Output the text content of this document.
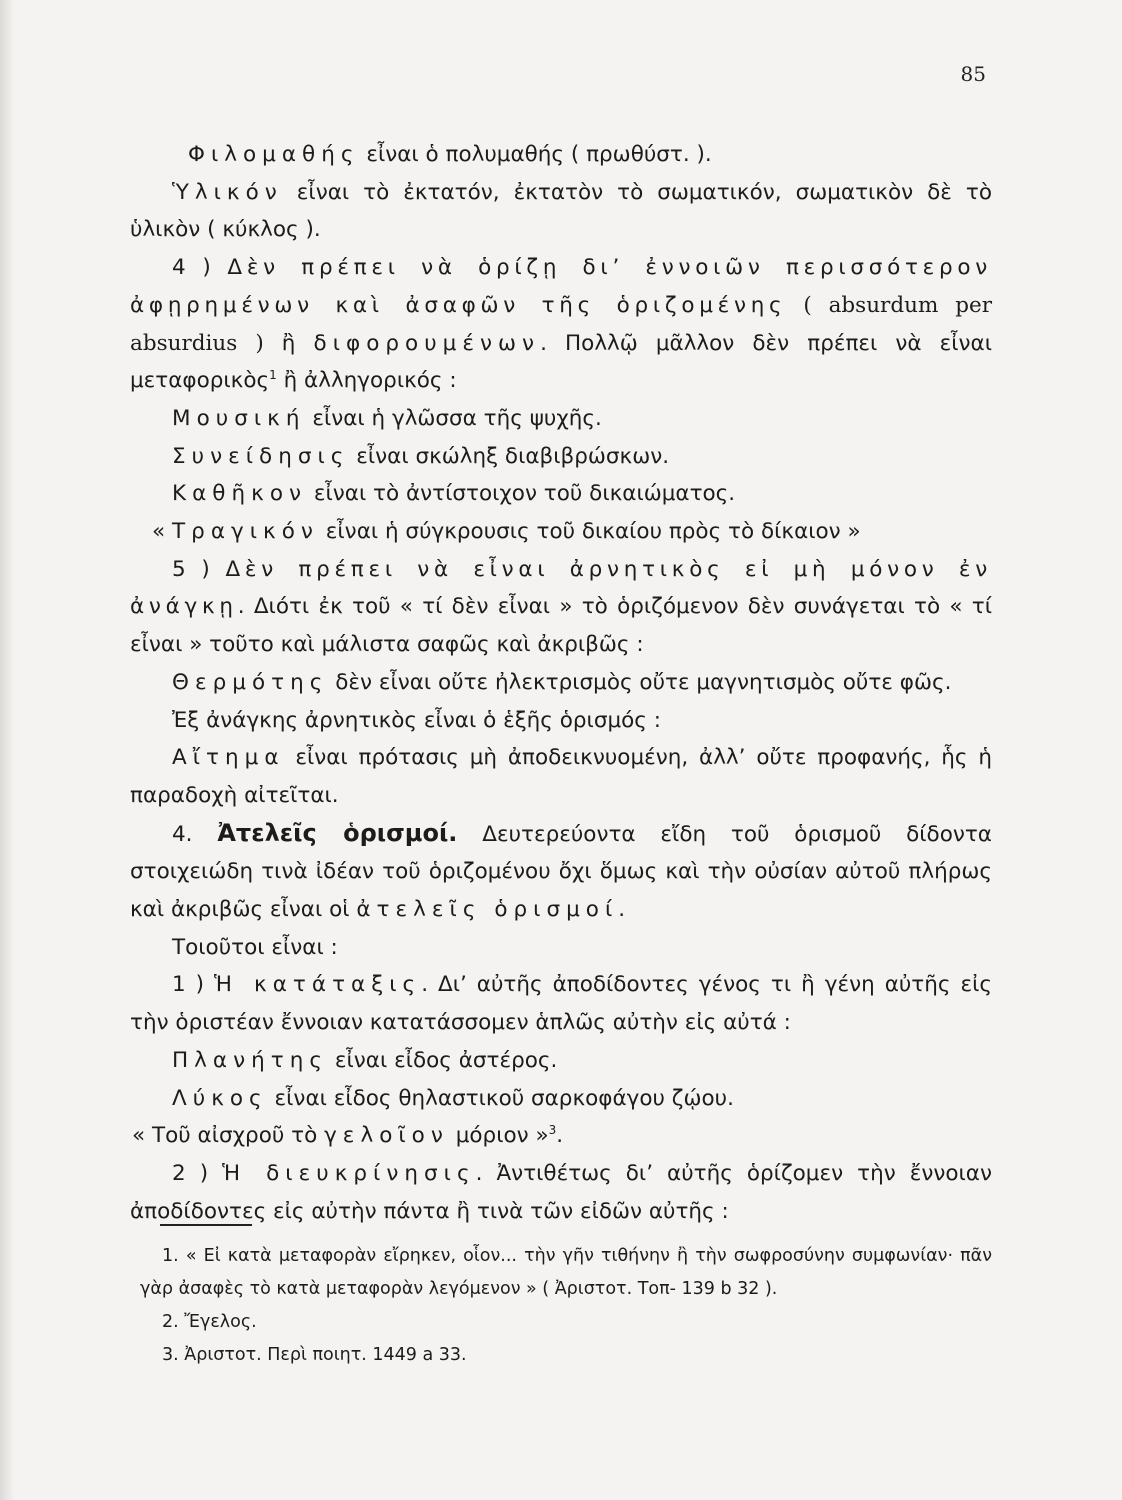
85

Φιλομαθής εἶναι ὁ πολυμαθής ( πρωθύστ. ).

Ὑλικόν εἶναι τὸ ἐκτατόν, ἐκτατὸν τὸ σωματικόν, σωματικὸν δὲ τὸ ὑλικὸν ( κύκλος ).

4 ) Δὲν πρέπει νὰ ὁρίζῃ δι’ ἐννοιῶν περισσότερον ἀφῃρημένων καὶ ἀσαφῶν τῆς ὁριζομένης ( absurdum per absurdius ) ἢ διφορουμένων. Πολλῷ μᾶλλον δὲν πρέπει νὰ εἶναι μεταφορικὸς$^1$ ἢ ἀλληγορικός :

Μουσική εἶναι ἡ γλῶσσα τῆς ψυχῆς.

Συνείδησις εἶναι σκώληξ διαβιβρώσκων.

Καθῆκον εἶναι τὸ ἀντίστοιχον τοῦ δικαιώματος.

« Τραγικόν εἶναι ἡ σύγκρουσις τοῦ δικαίου πρὸς τὸ δίκαιον »

5 ) Δὲν πρέπει νὰ εἶναι ἀρνητικὸς εἰ μὴ μόνον ἐν ἀνάγκῃ. Διότι ἐκ τοῦ « τί δὲν εἶναι » τὸ ὁριζόμενον δὲν συνάγεται τὸ « τί εἶναι » τοῦτο καὶ μάλιστα σαφῶς καὶ ἀκριβῶς :

Θερμότης δὲν εἶναι οὔτε ἠλεκτρισμὸς οὔτε μαγνητισμὸς οὔτε φῶς.

Ἐξ ἀνάγκης ἀρνητικὸς εἶναι ὁ ἑξῆς ὁρισμός :

Αἴτημα εἶναι πρότασις μὴ ἀποδεικνυομένη, ἀλλ’ οὔτε προφανής, ἧς ἡ παραδοχὴ αἰτεῖται.

4. Ἀτελεῖς ὁρισμοί. Δευτερεύοντα εἴδη τοῦ ὁρισμοῦ δίδοντα στοιχειώδη τινὰ ἰδέαν τοῦ ὁριζομένου ὄχι ὅμως καὶ τὴν οὐσίαν αὐτοῦ πλήρως καὶ ἀκριβῶς εἶναι οἱ ἀτελεῖς ὁρισμοί.

Τοιοῦτοι εἶναι :

1 ) Ἡ κατάταξις. Δι’ αὐτῆς ἀποδίδοντες γένος τι ἢ γένη αὐτῆς εἰς τὴν ὁριστέαν ἔννοιαν κατατάσσομεν ἁπλῶς αὐτὴν εἰς αὐτά :

Πλανήτης εἶναι εἶδος ἀστέρος.

Λύκος εἶναι εἶδος θηλαστικοῦ σαρκοφάγου ζῴου.

« Τοῦ αἰσχροῦ τὸ γελοῖον μόριον »$^3$.

2 ) Ἡ διευκρίνησις. Ἀντιθέτως δι’ αὐτῆς ὁρίζομεν τὴν ἔννοιαν ἀποδίδοντες εἰς αὐτὴν πάντα ἢ τινὰ τῶν εἰδῶν αὐτῆς :

1. « Εἰ κατὰ μεταφορὰν εἴρηκεν, οἷον... τὴν γῆν τιθήνην ἢ τὴν σωφροσύνην συμφωνίαν· πᾶν γὰρ ἀσαφὲς τὸ κατὰ μεταφορὰν λεγόμενον » ( Ἀριστοτ. Τοπ- 139 b 32 ).

2. Ἔγελος.

3. Ἀριστοτ. Περὶ ποιητ. 1449 a 33.
